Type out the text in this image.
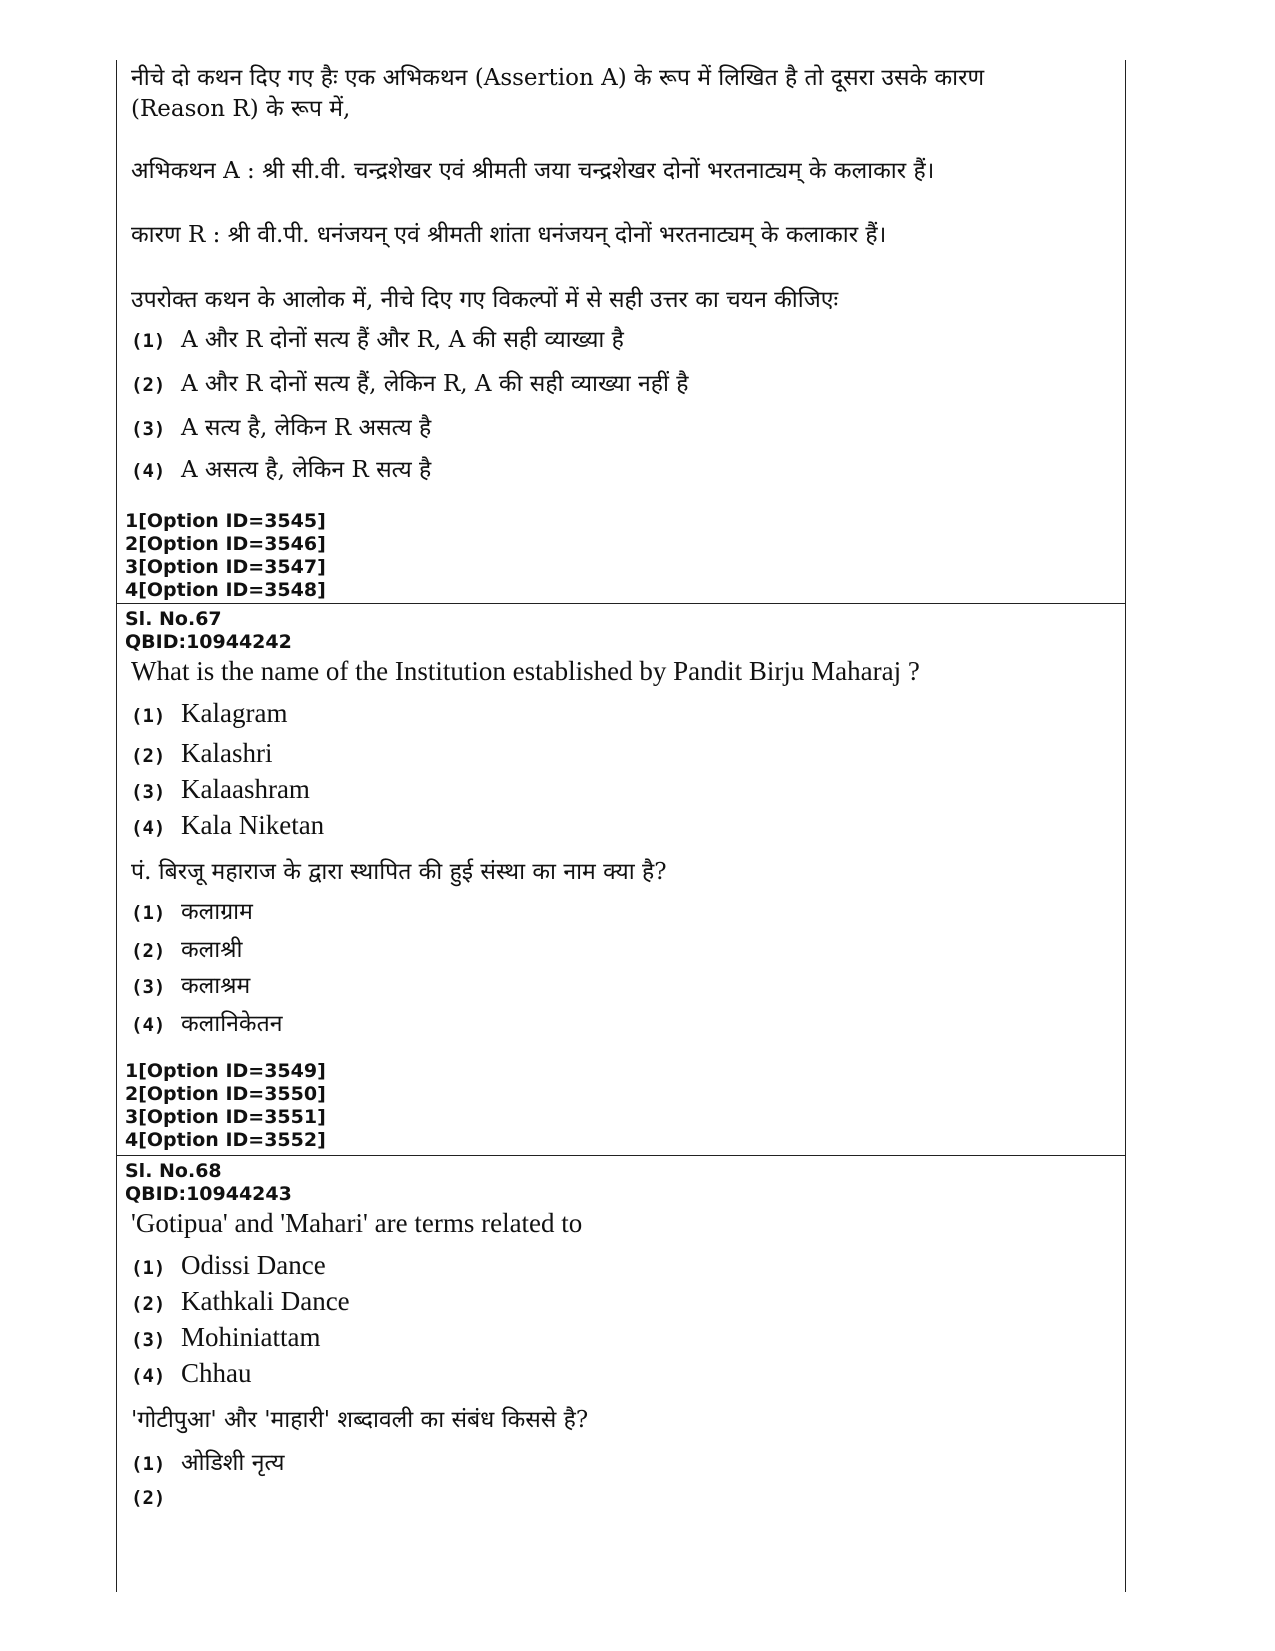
नीचे दो कथन दिए गए हैः एक अभिकथन (Assertion A) के रूप में लिखित है तो दूसरा उसके कारण
(Reason R) के रूप में,
अभिकथन A : श्री सी.वी. चन्द्रशेखर एवं श्रीमती जया चन्द्रशेखर दोनों भरतनाट्यम् के कलाकार हैं।
कारण R : श्री वी.पी. धनंजयन् एवं श्रीमती शांता धनंजयन् दोनों भरतनाट्यम् के कलाकार हैं।
उपरोक्त कथन के आलोक में, नीचे दिए गए विकल्पों में से सही उत्तर का चयन कीजिएः
(1) A और R दोनों सत्य हैं और R, A की सही व्याख्या है
(2) A और R दोनों सत्य हैं, लेकिन R, A की सही व्याख्या नहीं है
(3) A सत्य है, लेकिन R असत्य है
(4) A असत्य है, लेकिन R सत्य है
1[Option ID=3545]
2[Option ID=3546]
3[Option ID=3547]
4[Option ID=3548]
Sl. No.67
QBID:10944242
What is the name of the Institution established by Pandit Birju Maharaj ?
(1) Kalagram
(2) Kalashri
(3) Kalaashram
(4) Kala Niketan
पं. बिरजू महाराज के द्वारा स्थापित की हुई संस्था का नाम क्या है?
(1) कलाग्राम
(2) कलाश्री
(3) कलाश्रम
(4) कलानिकेतन
1[Option ID=3549]
2[Option ID=3550]
3[Option ID=3551]
4[Option ID=3552]
Sl. No.68
QBID:10944243
'Gotipua' and 'Mahari' are terms related to
(1) Odissi Dance
(2) Kathkali Dance
(3) Mohiniattam
(4) Chhau
'गोटीपुआ' और 'माहारी' शब्दावली का संबंध किससे है?
(1) ओडिशी नृत्य
(2)
